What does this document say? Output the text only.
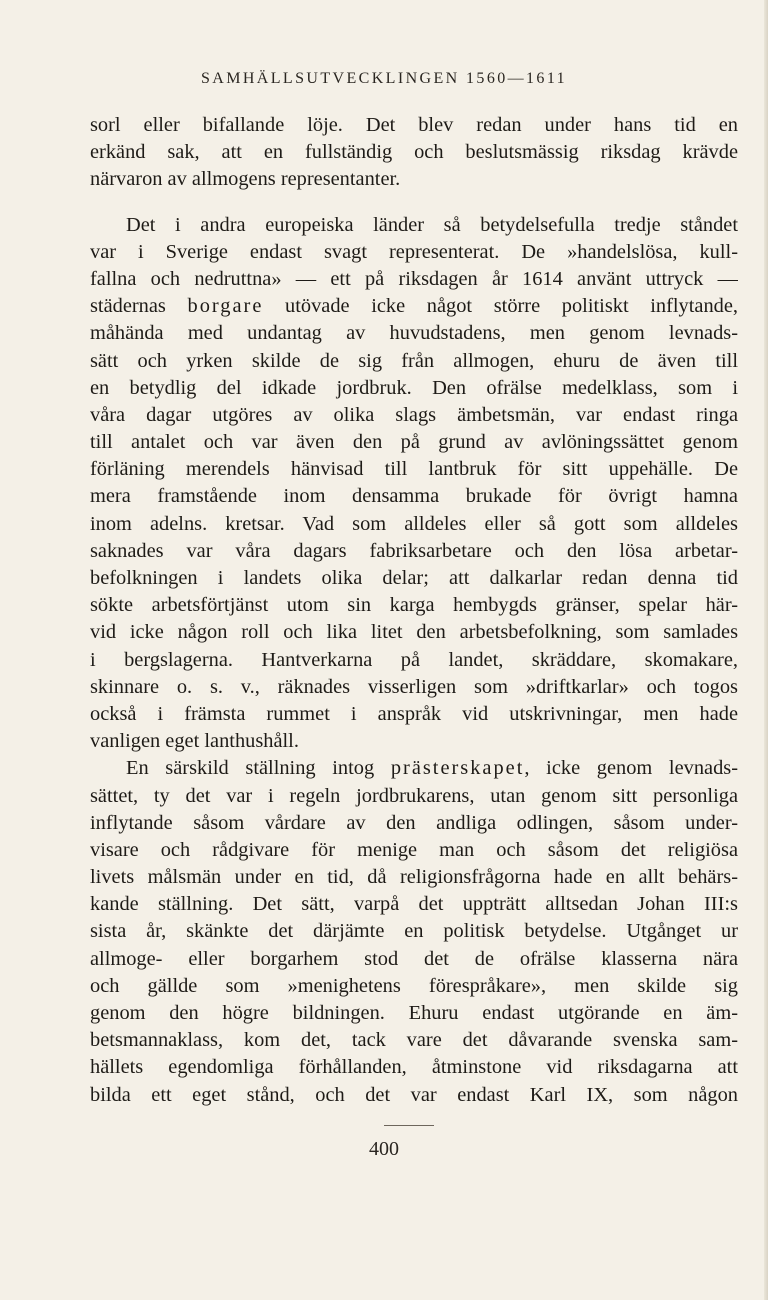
SAMHÄLLSUTVECKLINGEN 1560—1611
sorl eller bifallande löje. Det blev redan under hans tid en
erkänd sak, att en fullständig och beslutsmässig riksdag krävde
närvaron av allmogens representanter.
Det i andra europeiska länder så betydelsefulla tredje ståndet
var i Sverige endast svagt representerat. De »handelslösa, kull-
fallna och nedruttna» — ett på riksdagen år 1614 använt uttryck —
städernas borgare utövade icke något större politiskt inflytande,
måhända med undantag av huvudstadens, men genom levnads-
sätt och yrken skilde de sig från allmogen, ehuru de även till
en betydlig del idkade jordbruk. Den ofrälse medelklass, som i
våra dagar utgöres av olika slags ämbetsmän, var endast ringa
till antalet och var även den på grund av avlöningssättet genom
förläning merendels hänvisad till lantbruk för sitt uppehälle. De
mera framstående inom densamma brukade för övrigt hamna
inom adelns. kretsar. Vad som alldeles eller så gott som alldeles
saknades var våra dagars fabriksarbetare och den lösa arbetar-
befolkningen i landets olika delar; att dalkarlar redan denna tid
sökte arbetsförtjänst utom sin karga hembygds gränser, spelar här-
vid icke någon roll och lika litet den arbetsbefolkning, som samlades
i bergslagerna. Hantverkarna på landet, skräddare, skomakare,
skinnare o. s. v., räknades visserligen som »driftkarlar» och togos
också i främsta rummet i anspråk vid utskrivningar, men hade
vanligen eget lanthushåll.
En särskild ställning intog prästerskapet, icke genom levnads-
sättet, ty det var i regeln jordbrukarens, utan genom sitt personliga
inflytande såsom vårdare av den andliga odlingen, såsom under-
visare och rådgivare för menige man och såsom det religiösa
livets målsmän under en tid, då religionsfrågorna hade en allt behärs-
kande ställning. Det sätt, varpå det uppträtt alltsedan Johan III:s
sista år, skänkte det därjämte en politisk betydelse. Utgånget ur
allmoge- eller borgarhem stod det de ofrälse klasserna nära
och gällde som »menighetens förespråkare», men skilde sig
genom den högre bildningen. Ehuru endast utgörande en äm-
betsmannaklass, kom det, tack vare det dåvarande svenska sam-
hällets egendomliga förhållanden, åtminstone vid riksdagarna att
bilda ett eget stånd, och det var endast Karl IX, som någon
400
